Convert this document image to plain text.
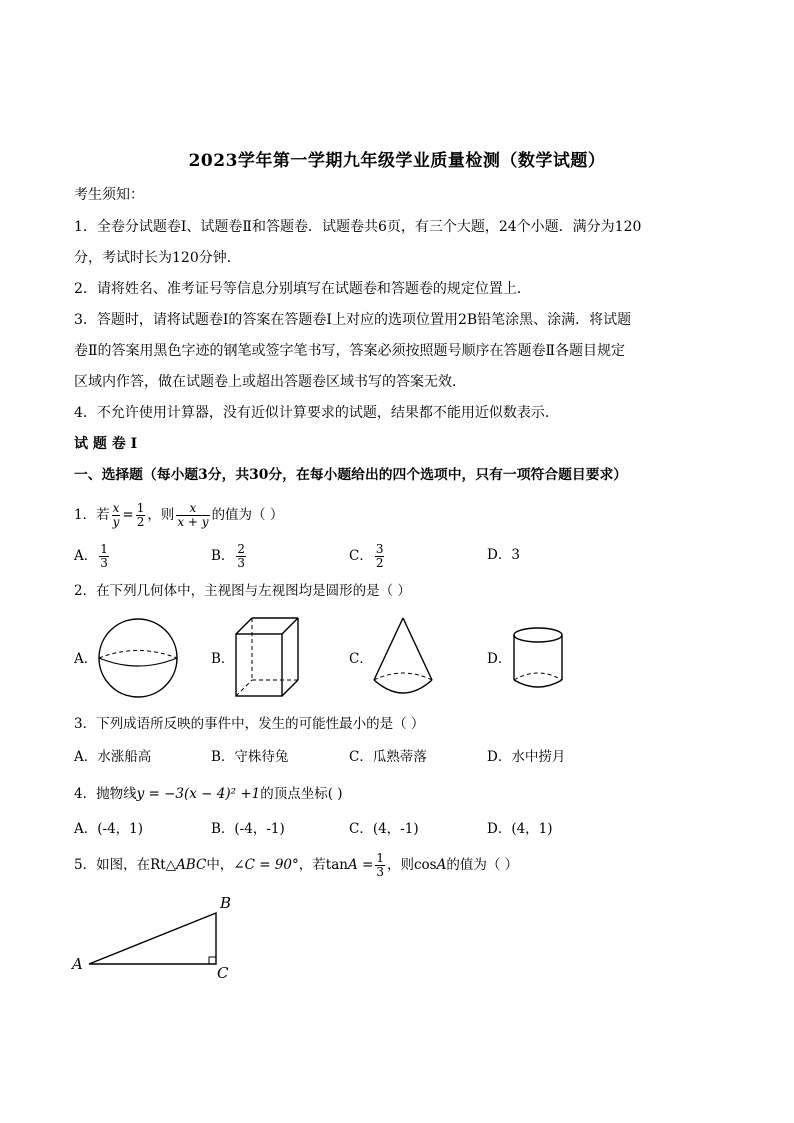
2023学年第一学期九年级学业质量检测（数学试题）
考生须知：
1．全卷分试题卷Ⅰ、试题卷Ⅱ和答题卷．试题卷共6页，有三个大题，24个小题．满分为120
分，考试时长为120分钟．
2．请将姓名、准考证号等信息分别填写在试题卷和答题卷的规定位置上．
3．答题时，请将试题卷Ⅰ的答案在答题卷Ⅰ上对应的选项位置用2B铅笔涂黑、涂满．将试题
卷Ⅱ的答案用黑色字迹的钢笔或签字笔书写，答案必须按照题号顺序在答题卷Ⅱ各题目规定
区域内作答，做在试题卷上或超出答题卷区域书写的答案无效．
4．不允许使用计算器，没有近似计算要求的试题，结果都不能用近似数表示．
试 题 卷 Ⅰ
一、选择题（每小题3分，共30分，在每小题给出的四个选项中，只有一项符合题目要求）
1．若 $\frac{x}{y} = \frac{1}{2}$ ，则 $\frac{x}{x + y}$ 的值为（ ）
A． $\frac{1}{3}$	B． $\frac{2}{3}$	C． $\frac{3}{2}$	D．3
2．在下列几何体中，主视图与左视图均是圆形的是（ ）
A．	B．	C．	D．
3．下列成语所反映的事件中，发生的可能性最小的是（ ）
A．水涨船高	B．守株待兔	C．瓜熟蒂落	D．水中捞月
4．抛物线y = −3(x − 4)² +1的顶点坐标( )
A．(-4，1)	B．(-4，-1)	C．(4，-1)	D．(4，1)
5．如图，在Rt△ABC中，∠C = 90°，若$\tan A = \frac{1}{3}$ ，则cosA的值为（ ）
A
B
C
